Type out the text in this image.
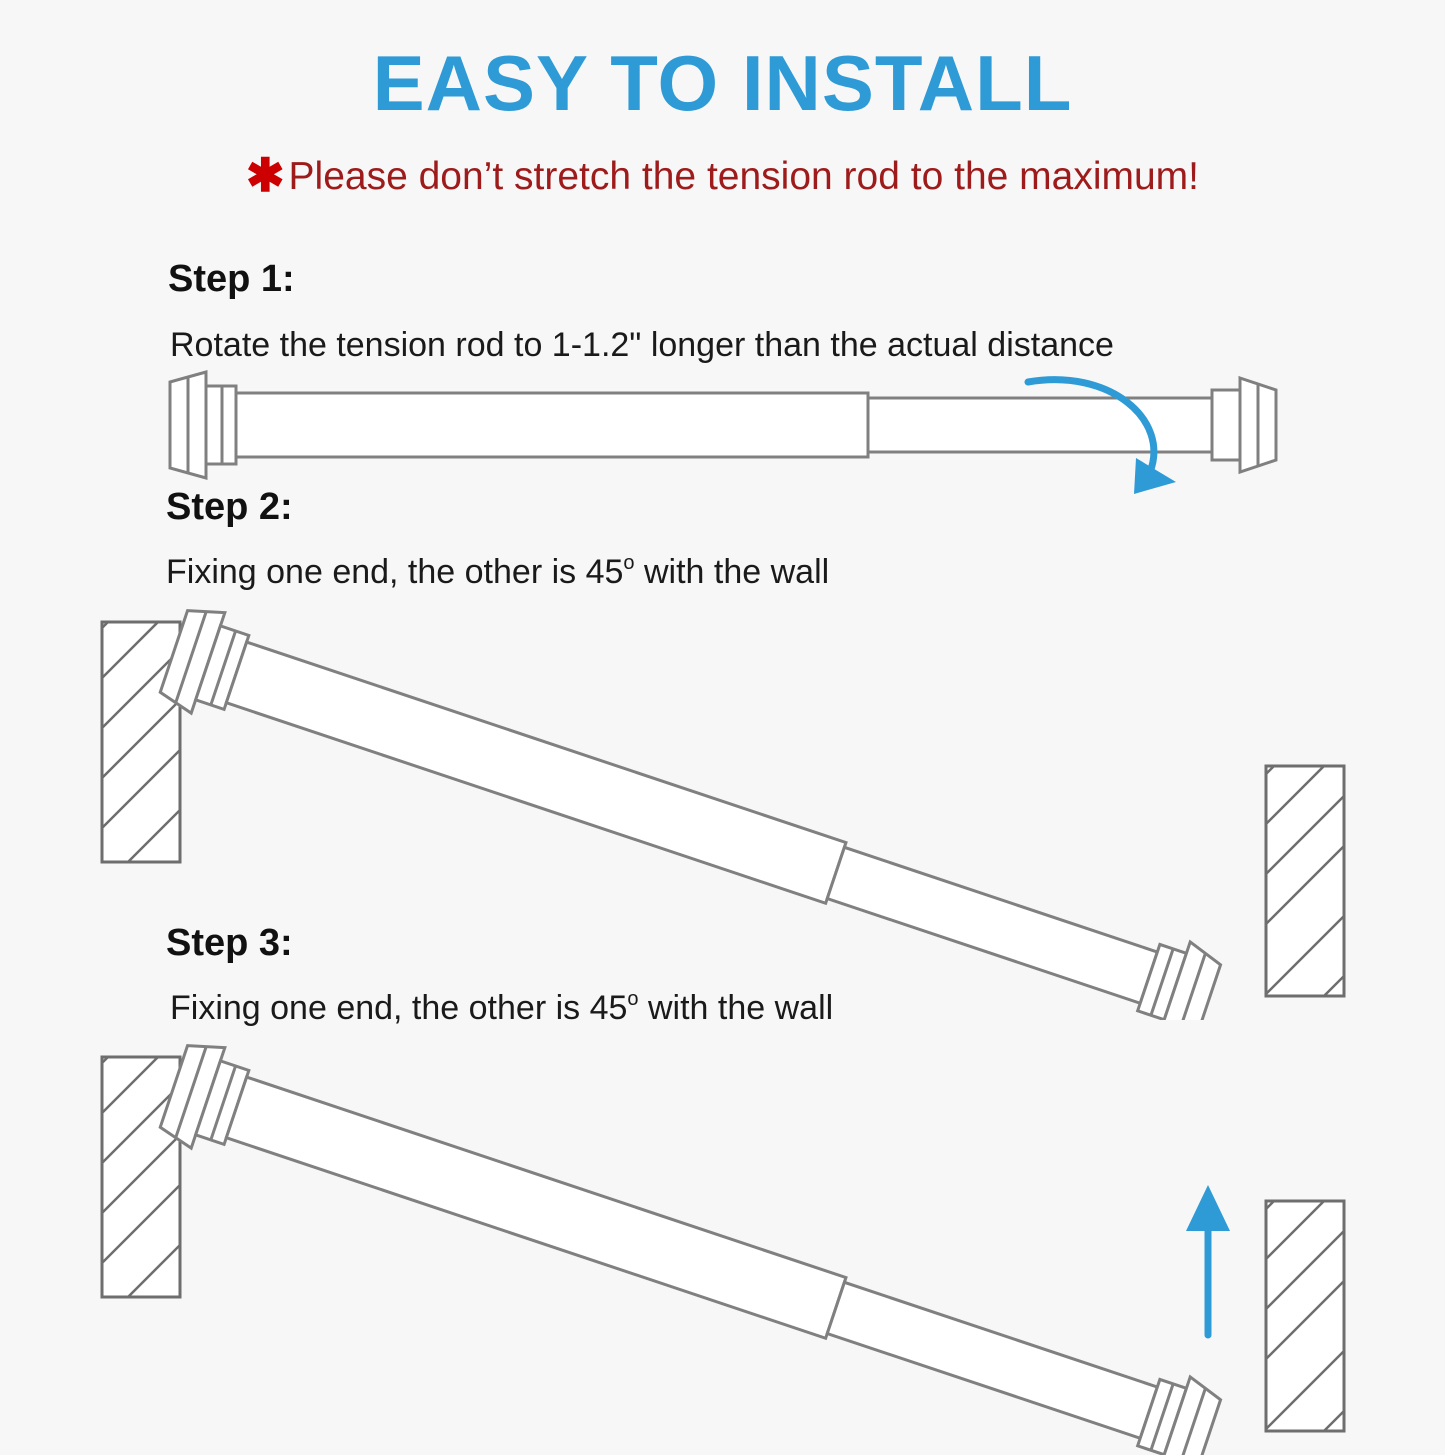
EASY TO INSTALL
✱ Please don’t stretch the tension rod to the maximum!
Step 1:
Rotate the tension rod to 1-1.2" longer than the actual distance
Step 2:
Fixing one end, the other is 45$^o$ with the wall
Step 3:
Fixing one end, the other is 45$^o$ with the wall
